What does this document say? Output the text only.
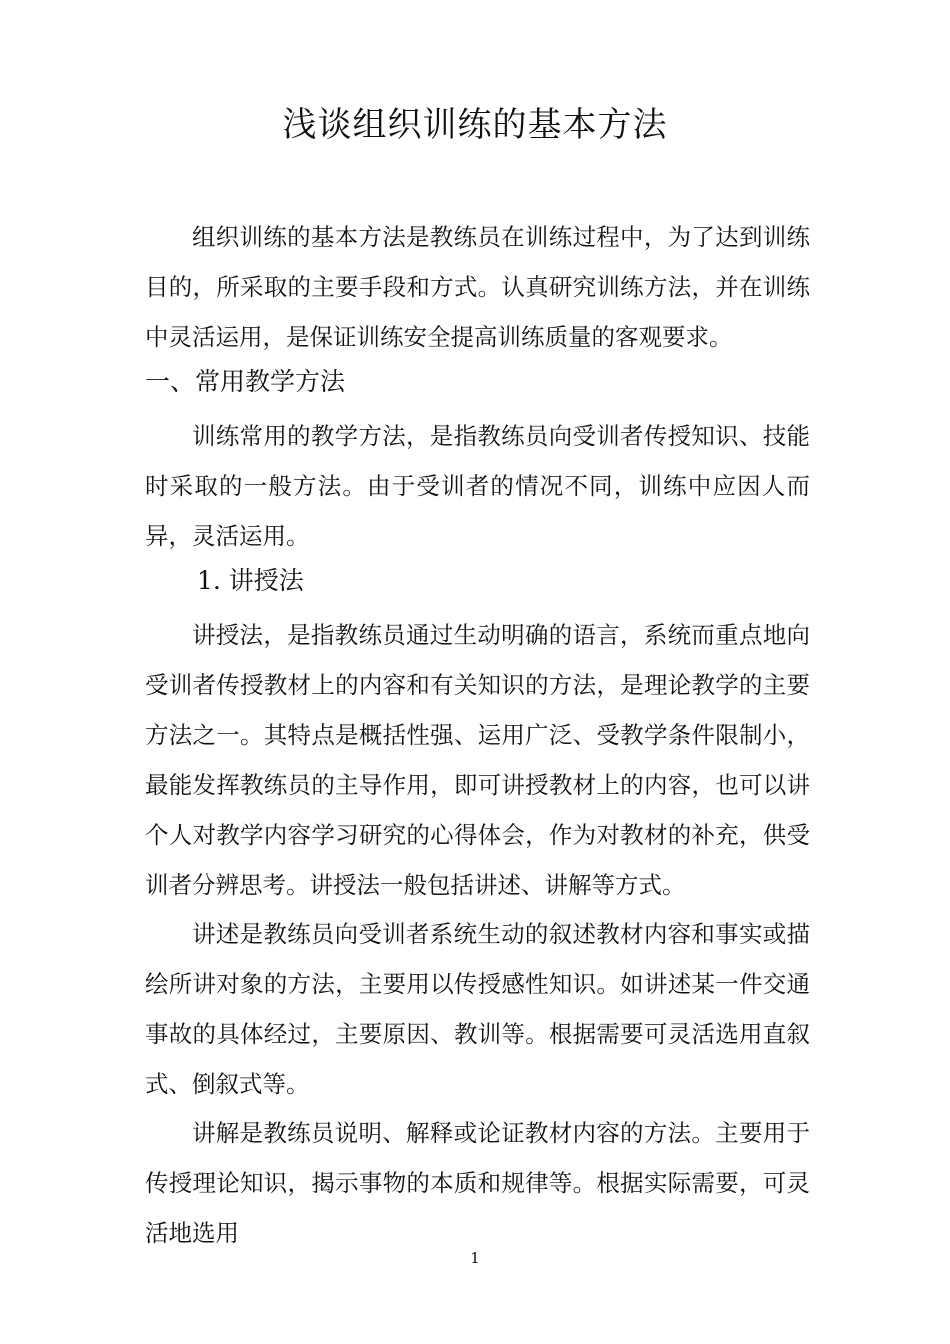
浅谈组织训练的基本方法

组织训练的基本方法是教练员在训练过程中，为了达到训练目的，所采取的主要手段和方式。认真研究训练方法，并在训练中灵活运用，是保证训练安全提高训练质量的客观要求。

一、常用教学方法

训练常用的教学方法，是指教练员向受训者传授知识、技能时采取的一般方法。由于受训者的情况不同，训练中应因人而异，灵活运用。

1. 讲授法

讲授法，是指教练员通过生动明确的语言，系统而重点地向受训者传授教材上的内容和有关知识的方法，是理论教学的主要方法之一。其特点是概括性强、运用广泛、受教学条件限制小，最能发挥教练员的主导作用，即可讲授教材上的内容，也可以讲个人对教学内容学习研究的心得体会，作为对教材的补充，供受训者分辨思考。讲授法一般包括讲述、讲解等方式。

讲述是教练员向受训者系统生动的叙述教材内容和事实或描绘所讲对象的方法，主要用以传授感性知识。如讲述某一件交通事故的具体经过，主要原因、教训等。根据需要可灵活选用直叙式、倒叙式等。

讲解是教练员说明、解释或论证教材内容的方法。主要用于传授理论知识，揭示事物的本质和规律等。根据实际需要，可灵活地选用

1
